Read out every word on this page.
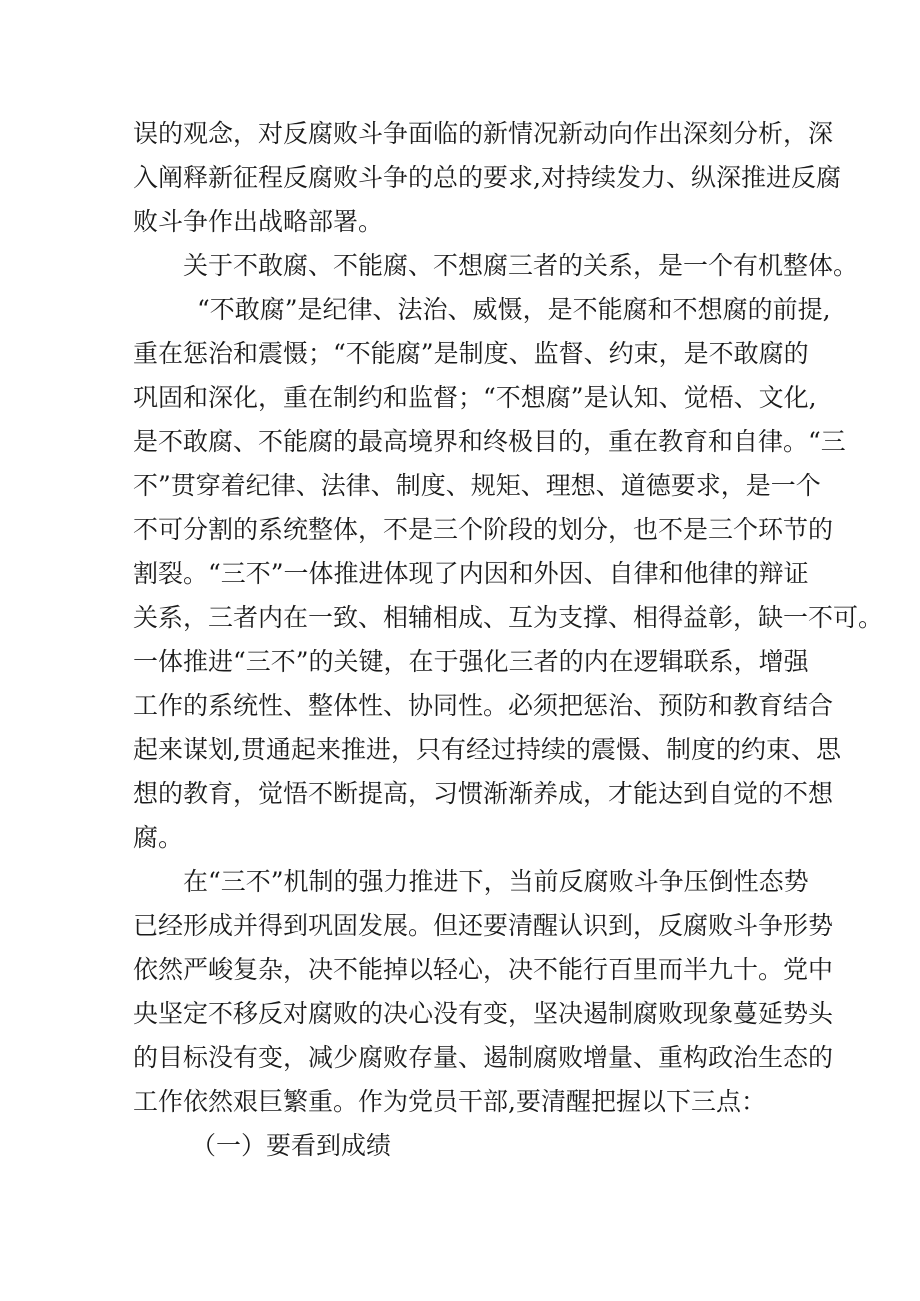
误的观念，对反腐败斗争面临的新情况新动向作出深刻分析，深
入阐释新征程反腐败斗争的总的要求,对持续发力、纵深推进反腐
败斗争作出战略部署。
关于不敢腐、不能腐、不想腐三者的关系，是一个有机整体。
“不敢腐”是纪律、法治、威慑，是不能腐和不想腐的前提,
重在惩治和震慑；“不能腐”是制度、监督、约束，是不敢腐的
巩固和深化，重在制约和监督；“不想腐”是认知、觉梧、文化,
是不敢腐、不能腐的最高境界和终极目的，重在教育和自律。“三
不”贯穿着纪律、法律、制度、规矩、理想、道德要求，是一个
不可分割的系统整体，不是三个阶段的划分，也不是三个环节的
割裂。“三不”一体推进体现了内因和外因、自律和他律的辩证
关系，三者内在一致、相辅相成、互为支撑、相得益彰，缺一不可。
一体推进“三不”的关键，在于强化三者的内在逻辑联系，增强
工作的系统性、整体性、协同性。必须把惩治、预防和教育结合
起来谋划,贯通起来推进，只有经过持续的震慑、制度的约束、思
想的教育，觉悟不断提高，习惯渐渐养成，才能达到自觉的不想
腐。
在“三不”机制的强力推进下，当前反腐败斗争压倒性态势
已经形成并得到巩固发展。但还要清醒认识到，反腐败斗争形势
依然严峻复杂，决不能掉以轻心，决不能行百里而半九十。党中
央坚定不移反对腐败的决心没有变，坚决遏制腐败现象蔓延势头
的目标没有变，减少腐败存量、遏制腐败增量、重构政治生态的
工作依然艰巨繁重。作为党员干部,要清醒把握以下三点：
（一）要看到成绩
